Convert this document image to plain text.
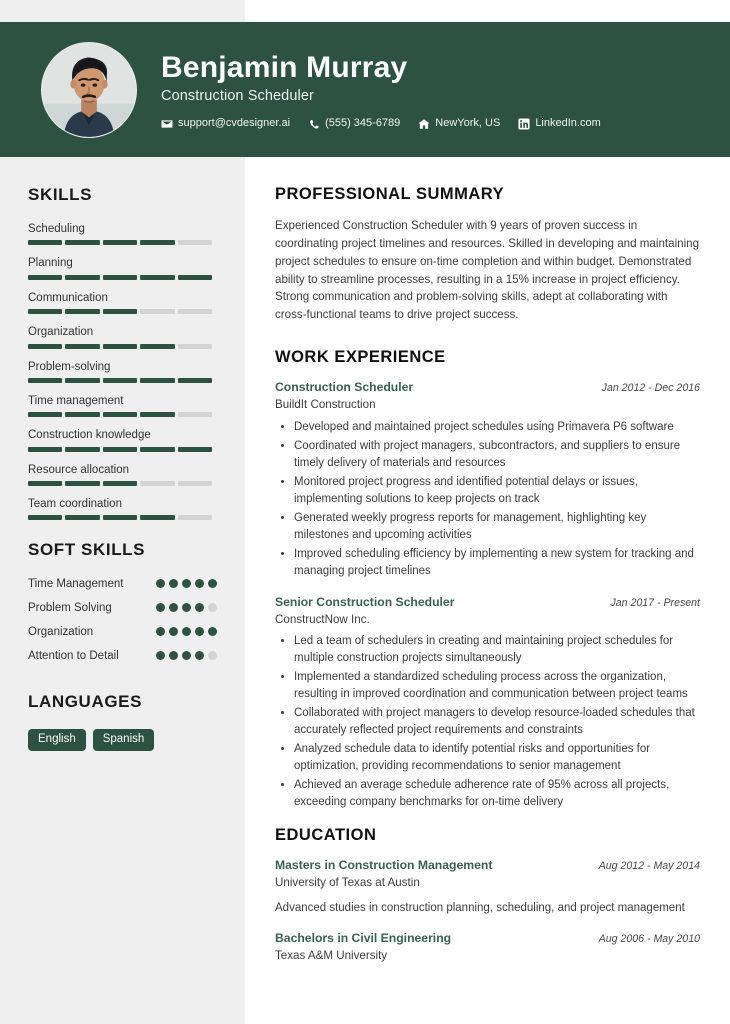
Benjamin Murray
Construction Scheduler
support@cvdesigner.ai	(555) 345-6789	NewYork, US	LinkedIn.com
SKILLS
Scheduling
Planning
Communication
Organization
Problem-solving
Time management
Construction knowledge
Resource allocation
Team coordination
SOFT SKILLS
Time Management
Problem Solving
Organization
Attention to Detail
LANGUAGES
English	Spanish
PROFESSIONAL SUMMARY
Experienced Construction Scheduler with 9 years of proven success in coordinating project timelines and resources. Skilled in developing and maintaining project schedules to ensure on-time completion and within budget. Demonstrated ability to streamline processes, resulting in a 15% increase in project efficiency. Strong communication and problem-solving skills, adept at collaborating with cross-functional teams to drive project success.
WORK EXPERIENCE
Construction Scheduler	Jan 2012 - Dec 2016
BuildIt Construction
• Developed and maintained project schedules using Primavera P6 software
• Coordinated with project managers, subcontractors, and suppliers to ensure timely delivery of materials and resources
• Monitored project progress and identified potential delays or issues, implementing solutions to keep projects on track
• Generated weekly progress reports for management, highlighting key milestones and upcoming activities
• Improved scheduling efficiency by implementing a new system for tracking and managing project timelines
Senior Construction Scheduler	Jan 2017 - Present
ConstructNow Inc.
• Led a team of schedulers in creating and maintaining project schedules for multiple construction projects simultaneously
• Implemented a standardized scheduling process across the organization, resulting in improved coordination and communication between project teams
• Collaborated with project managers to develop resource-loaded schedules that accurately reflected project requirements and constraints
• Analyzed schedule data to identify potential risks and opportunities for optimization, providing recommendations to senior management
• Achieved an average schedule adherence rate of 95% across all projects, exceeding company benchmarks for on-time delivery
EDUCATION
Masters in Construction Management	Aug 2012 - May 2014
University of Texas at Austin
Advanced studies in construction planning, scheduling, and project management
Bachelors in Civil Engineering	Aug 2006 - May 2010
Texas A&M University
